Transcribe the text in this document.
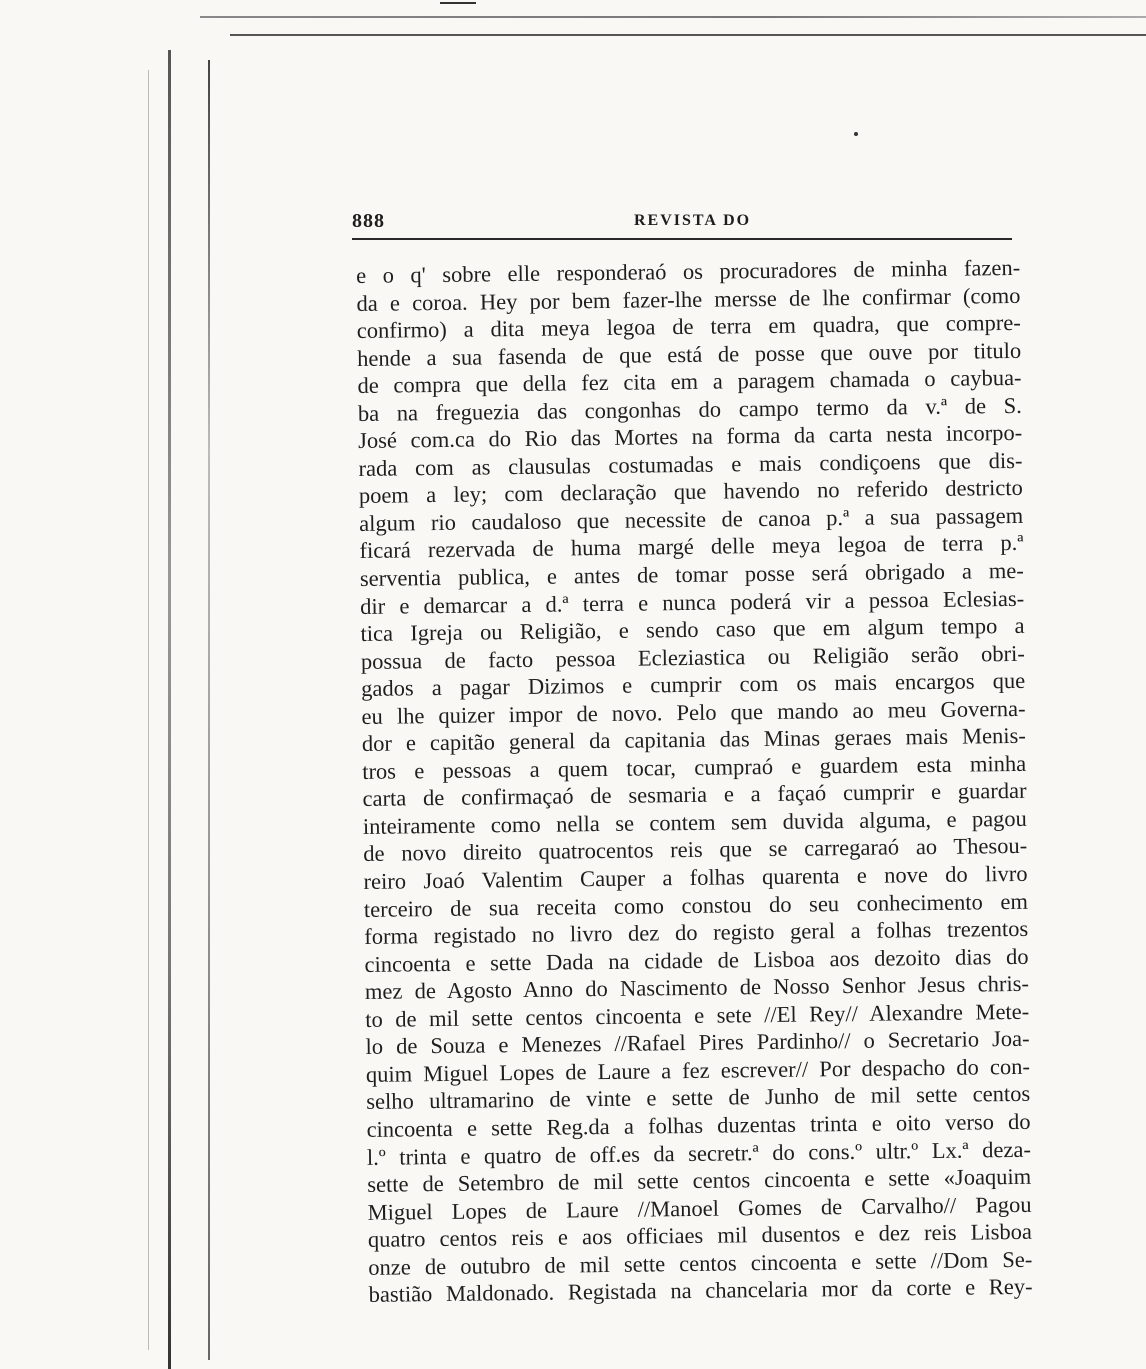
888	REVISTA DO
e o q' sobre elle responderaó os procuradores de minha fazen-
da e coroa. Hey por bem fazer-lhe mersse de lhe confirmar (como
confirmo) a dita meya legoa de terra em quadra, que compre-
hende a sua fasenda de que está de posse que ouve por titulo
de compra que della fez cita em a paragem chamada o caybua-
ba na freguezia das congonhas do campo termo da v.ª de S.
José com.ca do Rio das Mortes na forma da carta nesta incorpo-
rada com as clausulas costumadas e mais condiçoens que dis-
poem a ley; com declaração que havendo no referido destricto
algum rio caudaloso que necessite de canoa p.ª a sua passagem
ficará rezervada de huma margé delle meya legoa de terra p.ª
serventia publica, e antes de tomar posse será obrigado a me-
dir e demarcar a d.ª terra e nunca poderá vir a pessoa Eclesias-
tica Igreja ou Religião, e sendo caso que em algum tempo a
possua de facto pessoa Ecleziastica ou Religião serão obri-
gados a pagar Dizimos e cumprir com os mais encargos que
eu lhe quizer impor de novo. Pelo que mando ao meu Governa-
dor e capitão general da capitania das Minas geraes mais Menis-
tros e pessoas a quem tocar, cumpraó e guardem esta minha
carta de confirmaçaó de sesmaria e a façaó cumprir e guardar
inteiramente como nella se contem sem duvida alguma, e pagou
de novo direito quatrocentos reis que se carregaraó ao Thesou-
reiro Joaó Valentim Cauper a folhas quarenta e nove do livro
terceiro de sua receita como constou do seu conhecimento em
forma registado no livro dez do registo geral a folhas trezentos
cincoenta e sette Dada na cidade de Lisboa aos dezoito dias do
mez de Agosto Anno do Nascimento de Nosso Senhor Jesus chris-
to de mil sette centos cincoenta e sete //El Rey// Alexandre Mete-
lo de Souza e Menezes //Rafael Pires Pardinho// o Secretario Joa-
quim Miguel Lopes de Laure a fez escrever// Por despacho do con-
selho ultramarino de vinte e sette de Junho de mil sette centos
cincoenta e sette Reg.da a folhas duzentas trinta e oito verso do
l.º trinta e quatro de off.es da secretr.ª do cons.º ultr.º Lx.ª deza-
sette de Setembro de mil sette centos cincoenta e sette «Joaquim
Miguel Lopes de Laure //Manoel Gomes de Carvalho// Pagou
quatro centos reis e aos officiaes mil dusentos e dez reis Lisboa
onze de outubro de mil sette centos cincoenta e sette //Dom Se-
bastião Maldonado. Registada na chancelaria mor da corte e Rey-
